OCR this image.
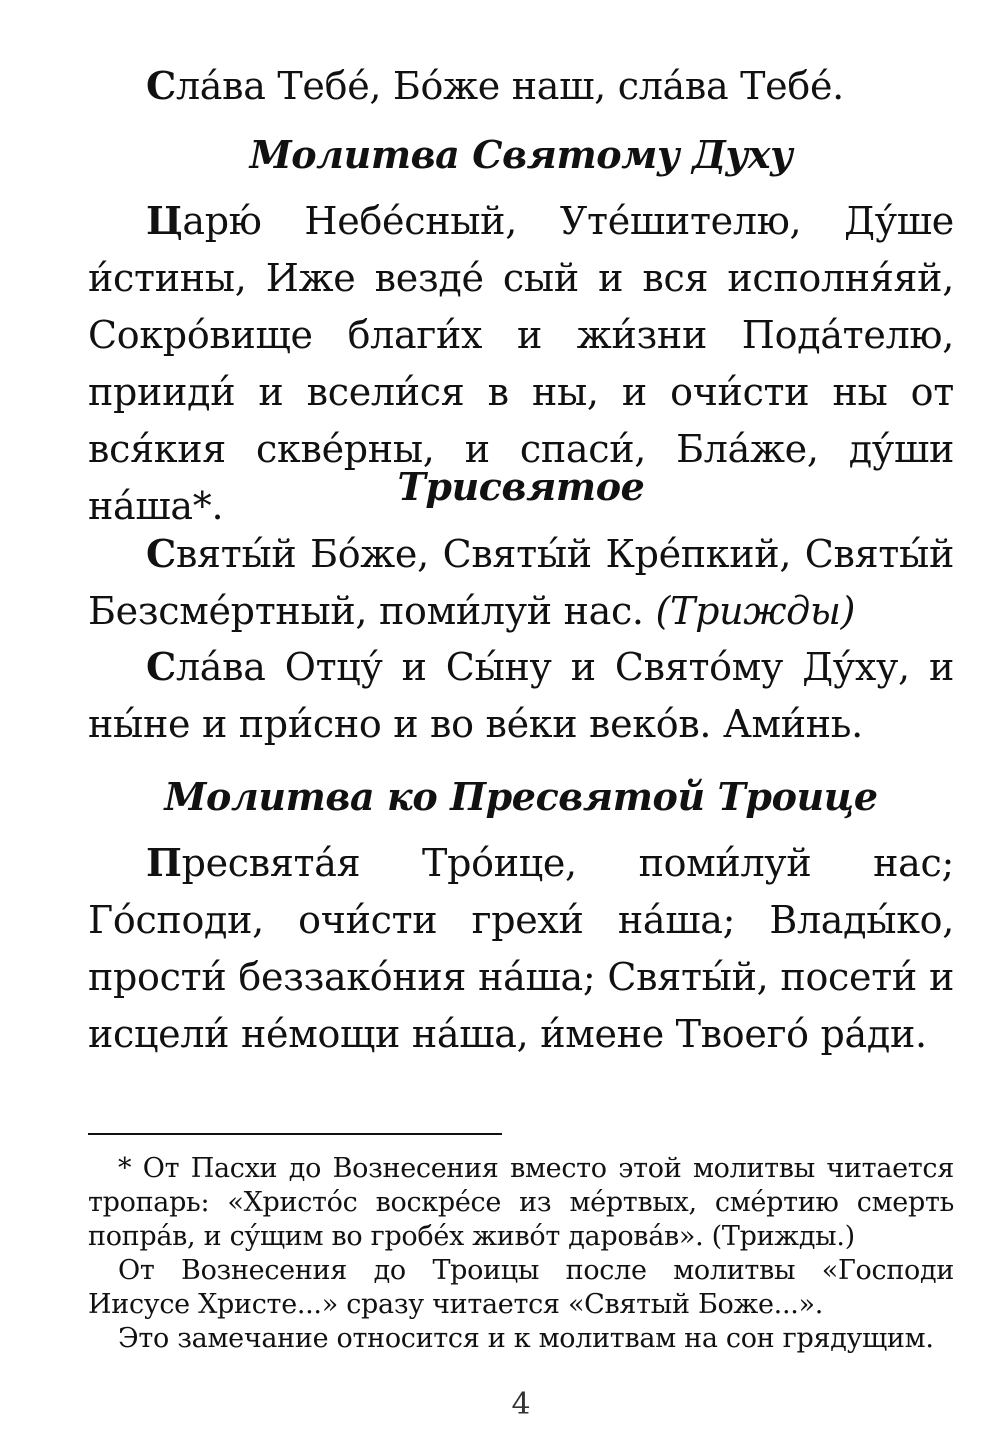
Сла́ва Тебе́, Бо́же наш, сла́ва Тебе́.

Молитва Святому Духу

Царю́ Небе́сный, Уте́шителю, Ду́ше и́стины, Иже везде́ сый и вся исполня́яй, Сокро́вище благи́х и жи́зни Пода́телю, прииди́ и всели́ся в ны, и очи́сти ны от вся́кия скве́рны, и спаси́, Бла́же, ду́ши на́ша*.	Трисвятое

Святы́й Бо́же, Святы́й Кре́пкий, Святы́й Безсме́ртный, поми́луй нас. (Трижды)

Сла́ва Отцу́ и Сы́ну и Свято́му Ду́ху, и ны́не и при́сно и во ве́ки веко́в. Ами́нь.

Молитва ко Пресвятой Троице

Пресвята́я Тро́ице, поми́луй нас; Го́споди, очи́сти грехи́ на́ша; Влады́ко, прости́ беззако́ния на́ша; Святы́й, посети́ и исцели́ не́мощи на́ша, и́мене Твоего́ ра́ди.

* От Пасхи до Вознесения вместо этой молитвы читается тропарь: «Христо́с воскре́се из ме́ртвых, сме́ртию смерть попра́в, и су́щим во гробе́х живо́т дарова́в». (Трижды.)

От Вознесения до Троицы после молитвы «Господи Иисусе Христе...» сразу читается «Святый Боже...».

Это замечание относится и к молитвам на сон грядущим.

4
